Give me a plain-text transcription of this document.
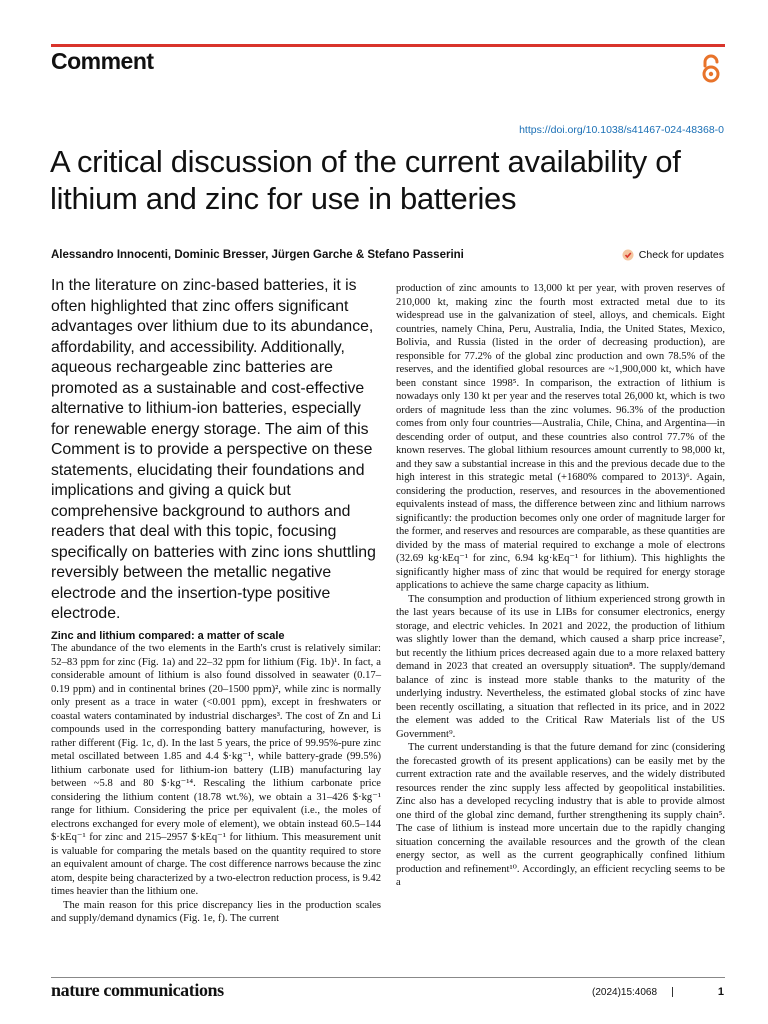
Comment
https://doi.org/10.1038/s41467-024-48368-0
A critical discussion of the current availability of lithium and zinc for use in batteries
Alessandro Innocenti, Dominic Bresser, Jürgen Garche & Stefano Passerini	Check for updates

In the literature on zinc-based batteries, it is often highlighted that zinc offers significant advantages over lithium due to its abundance, affordability, and accessibility. Additionally, aqueous rechargeable zinc batteries are promoted as a sustainable and cost-effective alternative to lithium-ion batteries, especially for renewable energy storage. The aim of this Comment is to provide a perspective on these statements, elucidating their foundations and implications and giving a quick but comprehensive background to authors and readers that deal with this topic, focusing specifically on batteries with zinc ions shuttling reversibly between the metallic negative electrode and the insertion-type positive electrode.

Zinc and lithium compared: a matter of scale

The abundance of the two elements in the Earth's crust is relatively similar: 52–83 ppm for zinc (Fig. 1a) and 22–32 ppm for lithium (Fig. 1b)¹. In fact, a considerable amount of lithium is also found dissolved in seawater (0.17–0.19 ppm) and in continental brines (20–1500 ppm)², while zinc is normally only present as a trace in water (<0.001 ppm), except in freshwaters or coastal waters contaminated by industrial discharges³. The cost of Zn and Li compounds used in the corresponding battery manufacturing, however, is rather different (Fig. 1c, d). In the last 5 years, the price of 99.95%-pure zinc metal oscillated between 1.85 and 4.4 $·kg⁻¹, while battery-grade (99.5%) lithium carbonate used for lithium-ion battery (LIB) manufacturing lay between ~5.8 and 80 $·kg⁻¹⁴. Rescaling the lithium carbonate price considering the lithium content (18.78 wt.%), we obtain a 31–426 $·kg⁻¹ range for lithium. Considering the price per equivalent (i.e., the moles of electrons exchanged for every mole of element), we obtain instead 60.5–144 $·kEq⁻¹ for zinc and 215–2957 $·kEq⁻¹ for lithium. This measurement unit is valuable for comparing the metals based on the quantity required to store an equivalent amount of charge. The cost difference narrows because the zinc atom, despite being characterized by a two-electron reduction process, is 9.42 times heavier than the lithium one.

The main reason for this price discrepancy lies in the production scales and supply/demand dynamics (Fig. 1e, f). The current

production of zinc amounts to 13,000 kt per year, with proven reserves of 210,000 kt, making zinc the fourth most extracted metal due to its widespread use in the galvanization of steel, alloys, and chemicals. Eight countries, namely China, Peru, Australia, India, the United States, Mexico, Bolivia, and Russia (listed in the order of decreasing production), are responsible for 77.2% of the global zinc production and own 78.5% of the reserves, and the identified global resources are ~1,900,000 kt, which have been constant since 1998⁵. In comparison, the extraction of lithium is nowadays only 130 kt per year and the reserves total 26,000 kt, which is two orders of magnitude less than the zinc volumes. 96.3% of the production comes from only four countries—Australia, Chile, China, and Argentina—in descending order of output, and these countries also control 77.7% of the known reserves. The global lithium resources amount currently to 98,000 kt, and they saw a substantial increase in this and the previous decade due to the high interest in this strategic metal (+1680% compared to 2013)⁶. Again, considering the production, reserves, and resources in the abovementioned equivalents instead of mass, the difference between zinc and lithium narrows significantly: the production becomes only one order of magnitude larger for the former, and reserves and resources are comparable, as these quantities are divided by the mass of material required to exchange a mole of electrons (32.69 kg·kEq⁻¹ for zinc, 6.94 kg·kEq⁻¹ for lithium). This highlights the significantly higher mass of zinc that would be required for energy storage applications to achieve the same charge capacity as lithium.

The consumption and production of lithium experienced strong growth in the last years because of its use in LIBs for consumer electronics, energy storage, and electric vehicles. In 2021 and 2022, the production of lithium was slightly lower than the demand, which caused a sharp price increase⁷, but recently the lithium prices decreased again due to a more relaxed battery demand in 2023 that created an oversupply situation⁸. The supply/demand balance of zinc is instead more stable thanks to the maturity of the underlying industry. Nevertheless, the estimated global stocks of zinc have been recently oscillating, a situation that reflected in its price, and in 2022 the element was added to the Critical Raw Materials list of the US Government⁹.

The current understanding is that the future demand for zinc (considering the forecasted growth of its present applications) can be easily met by the current extraction rate and the available reserves, and the widely distributed resources render the zinc supply less affected by geopolitical instabilities. Zinc also has a developed recycling industry that is able to provide almost one third of the global zinc demand, further strengthening its supply chain⁵. The case of lithium is instead more uncertain due to the rapidly changing situation concerning the available resources and the growth of the clean energy sector, as well as the current geographically confined lithium production and refinement¹⁰. Accordingly, an efficient recycling seems to be a

nature communications	(2024)15:4068	1
